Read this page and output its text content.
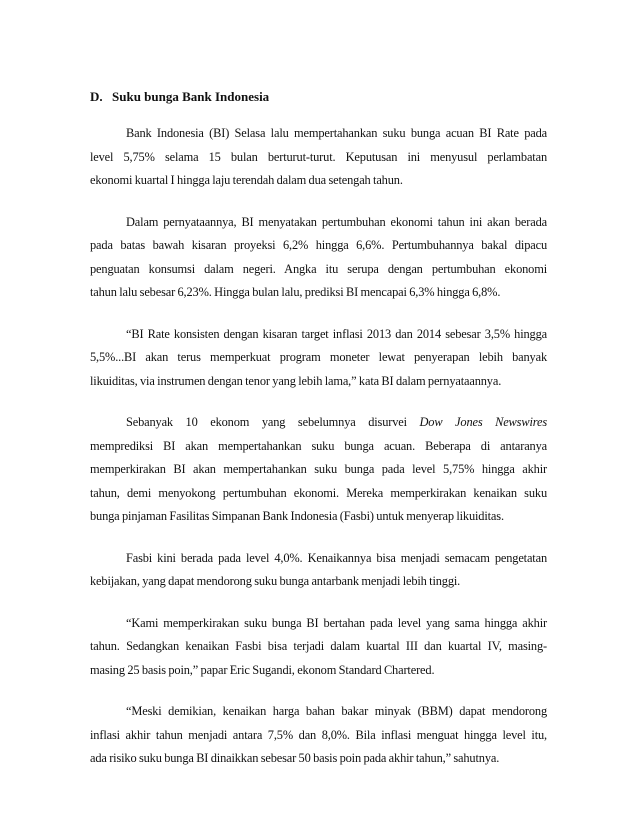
D. Suku bunga Bank Indonesia
Bank Indonesia (BI) Selasa lalu mempertahankan suku bunga acuan BI Rate pada
level 5,75% selama 15 bulan berturut-turut. Keputusan ini menyusul perlambatan
ekonomi kuartal I hingga laju terendah dalam dua setengah tahun.
Dalam pernyataannya, BI menyatakan pertumbuhan ekonomi tahun ini akan berada
pada batas bawah kisaran proyeksi 6,2% hingga 6,6%. Pertumbuhannya bakal dipacu
penguatan konsumsi dalam negeri. Angka itu serupa dengan pertumbuhan ekonomi
tahun lalu sebesar 6,23%. Hingga bulan lalu, prediksi BI mencapai 6,3% hingga 6,8%.
“BI Rate konsisten dengan kisaran target inflasi 2013 dan 2014 sebesar 3,5% hingga
5,5%...BI akan terus memperkuat program moneter lewat penyerapan lebih banyak
likuiditas, via instrumen dengan tenor yang lebih lama,” kata BI dalam pernyataannya.
Sebanyak 10 ekonom yang sebelumnya disurvei Dow Jones Newswires
memprediksi BI akan mempertahankan suku bunga acuan. Beberapa di antaranya
memperkirakan BI akan mempertahankan suku bunga pada level 5,75% hingga akhir
tahun, demi menyokong pertumbuhan ekonomi. Mereka memperkirakan kenaikan suku
bunga pinjaman Fasilitas Simpanan Bank Indonesia (Fasbi) untuk menyerap likuiditas.
Fasbi kini berada pada level 4,0%. Kenaikannya bisa menjadi semacam pengetatan
kebijakan, yang dapat mendorong suku bunga antarbank menjadi lebih tinggi.
“Kami memperkirakan suku bunga BI bertahan pada level yang sama hingga akhir
tahun. Sedangkan kenaikan Fasbi bisa terjadi dalam kuartal III dan kuartal IV, masing-
masing 25 basis poin,” papar Eric Sugandi, ekonom Standard Chartered.
“Meski demikian, kenaikan harga bahan bakar minyak (BBM) dapat mendorong
inflasi akhir tahun menjadi antara 7,5% dan 8,0%. Bila inflasi menguat hingga level itu,
ada risiko suku bunga BI dinaikkan sebesar 50 basis poin pada akhir tahun,” sahutnya.
